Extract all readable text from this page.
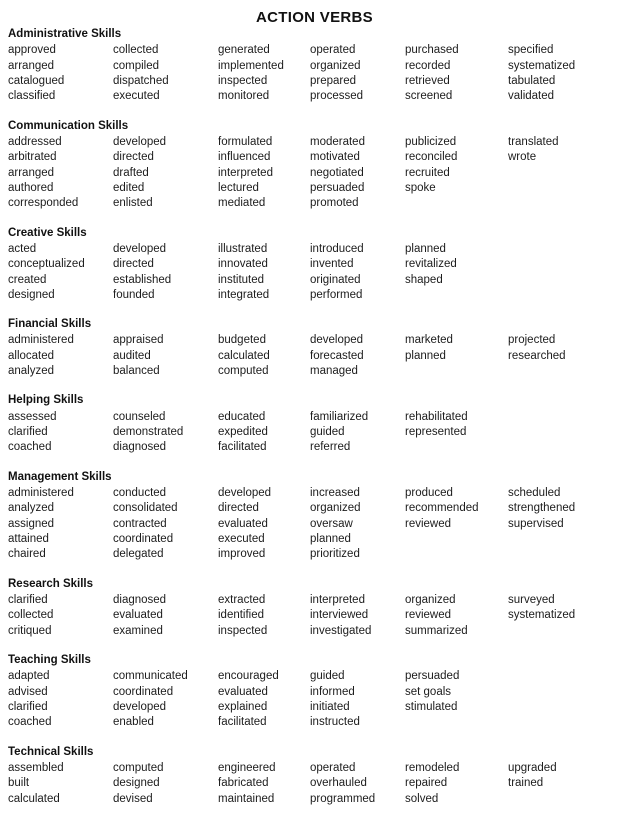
ACTION VERBS
Administrative Skills
approved	collected	generated	operated	purchased	specified
arranged	compiled	implemented	organized	recorded	systematized
catalogued	dispatched	inspected	prepared	retrieved	tabulated
classified	executed	monitored	processed	screened	validated
Communication Skills
addressed	developed	formulated	moderated	publicized	translated
arbitrated	directed	influenced	motivated	reconciled	wrote
arranged	drafted	interpreted	negotiated	recruited
authored	edited	lectured	persuaded	spoke
corresponded	enlisted	mediated	promoted
Creative Skills
acted	developed	illustrated	introduced	planned
conceptualized	directed	innovated	invented	revitalized
created	established	instituted	originated	shaped
designed	founded	integrated	performed
Financial Skills
administered	appraised	budgeted	developed	marketed	projected
allocated	audited	calculated	forecasted	planned	researched
analyzed	balanced	computed	managed
Helping Skills
assessed	counseled	educated	familiarized	rehabilitated
clarified	demonstrated	expedited	guided	represented
coached	diagnosed	facilitated	referred
Management Skills
administered	conducted	developed	increased	produced	scheduled
analyzed	consolidated	directed	organized	recommended	strengthened
assigned	contracted	evaluated	oversaw	reviewed	supervised
attained	coordinated	executed	planned
chaired	delegated	improved	prioritized
Research Skills
clarified	diagnosed	extracted	interpreted	organized	surveyed
collected	evaluated	identified	interviewed	reviewed	systematized
critiqued	examined	inspected	investigated	summarized
Teaching Skills
adapted	communicated	encouraged	guided	persuaded
advised	coordinated	evaluated	informed	set goals
clarified	developed	explained	initiated	stimulated
coached	enabled	facilitated	instructed
Technical Skills
assembled	computed	engineered	operated	remodeled	upgraded
built	designed	fabricated	overhauled	repaired	trained
calculated	devised	maintained	programmed	solved
